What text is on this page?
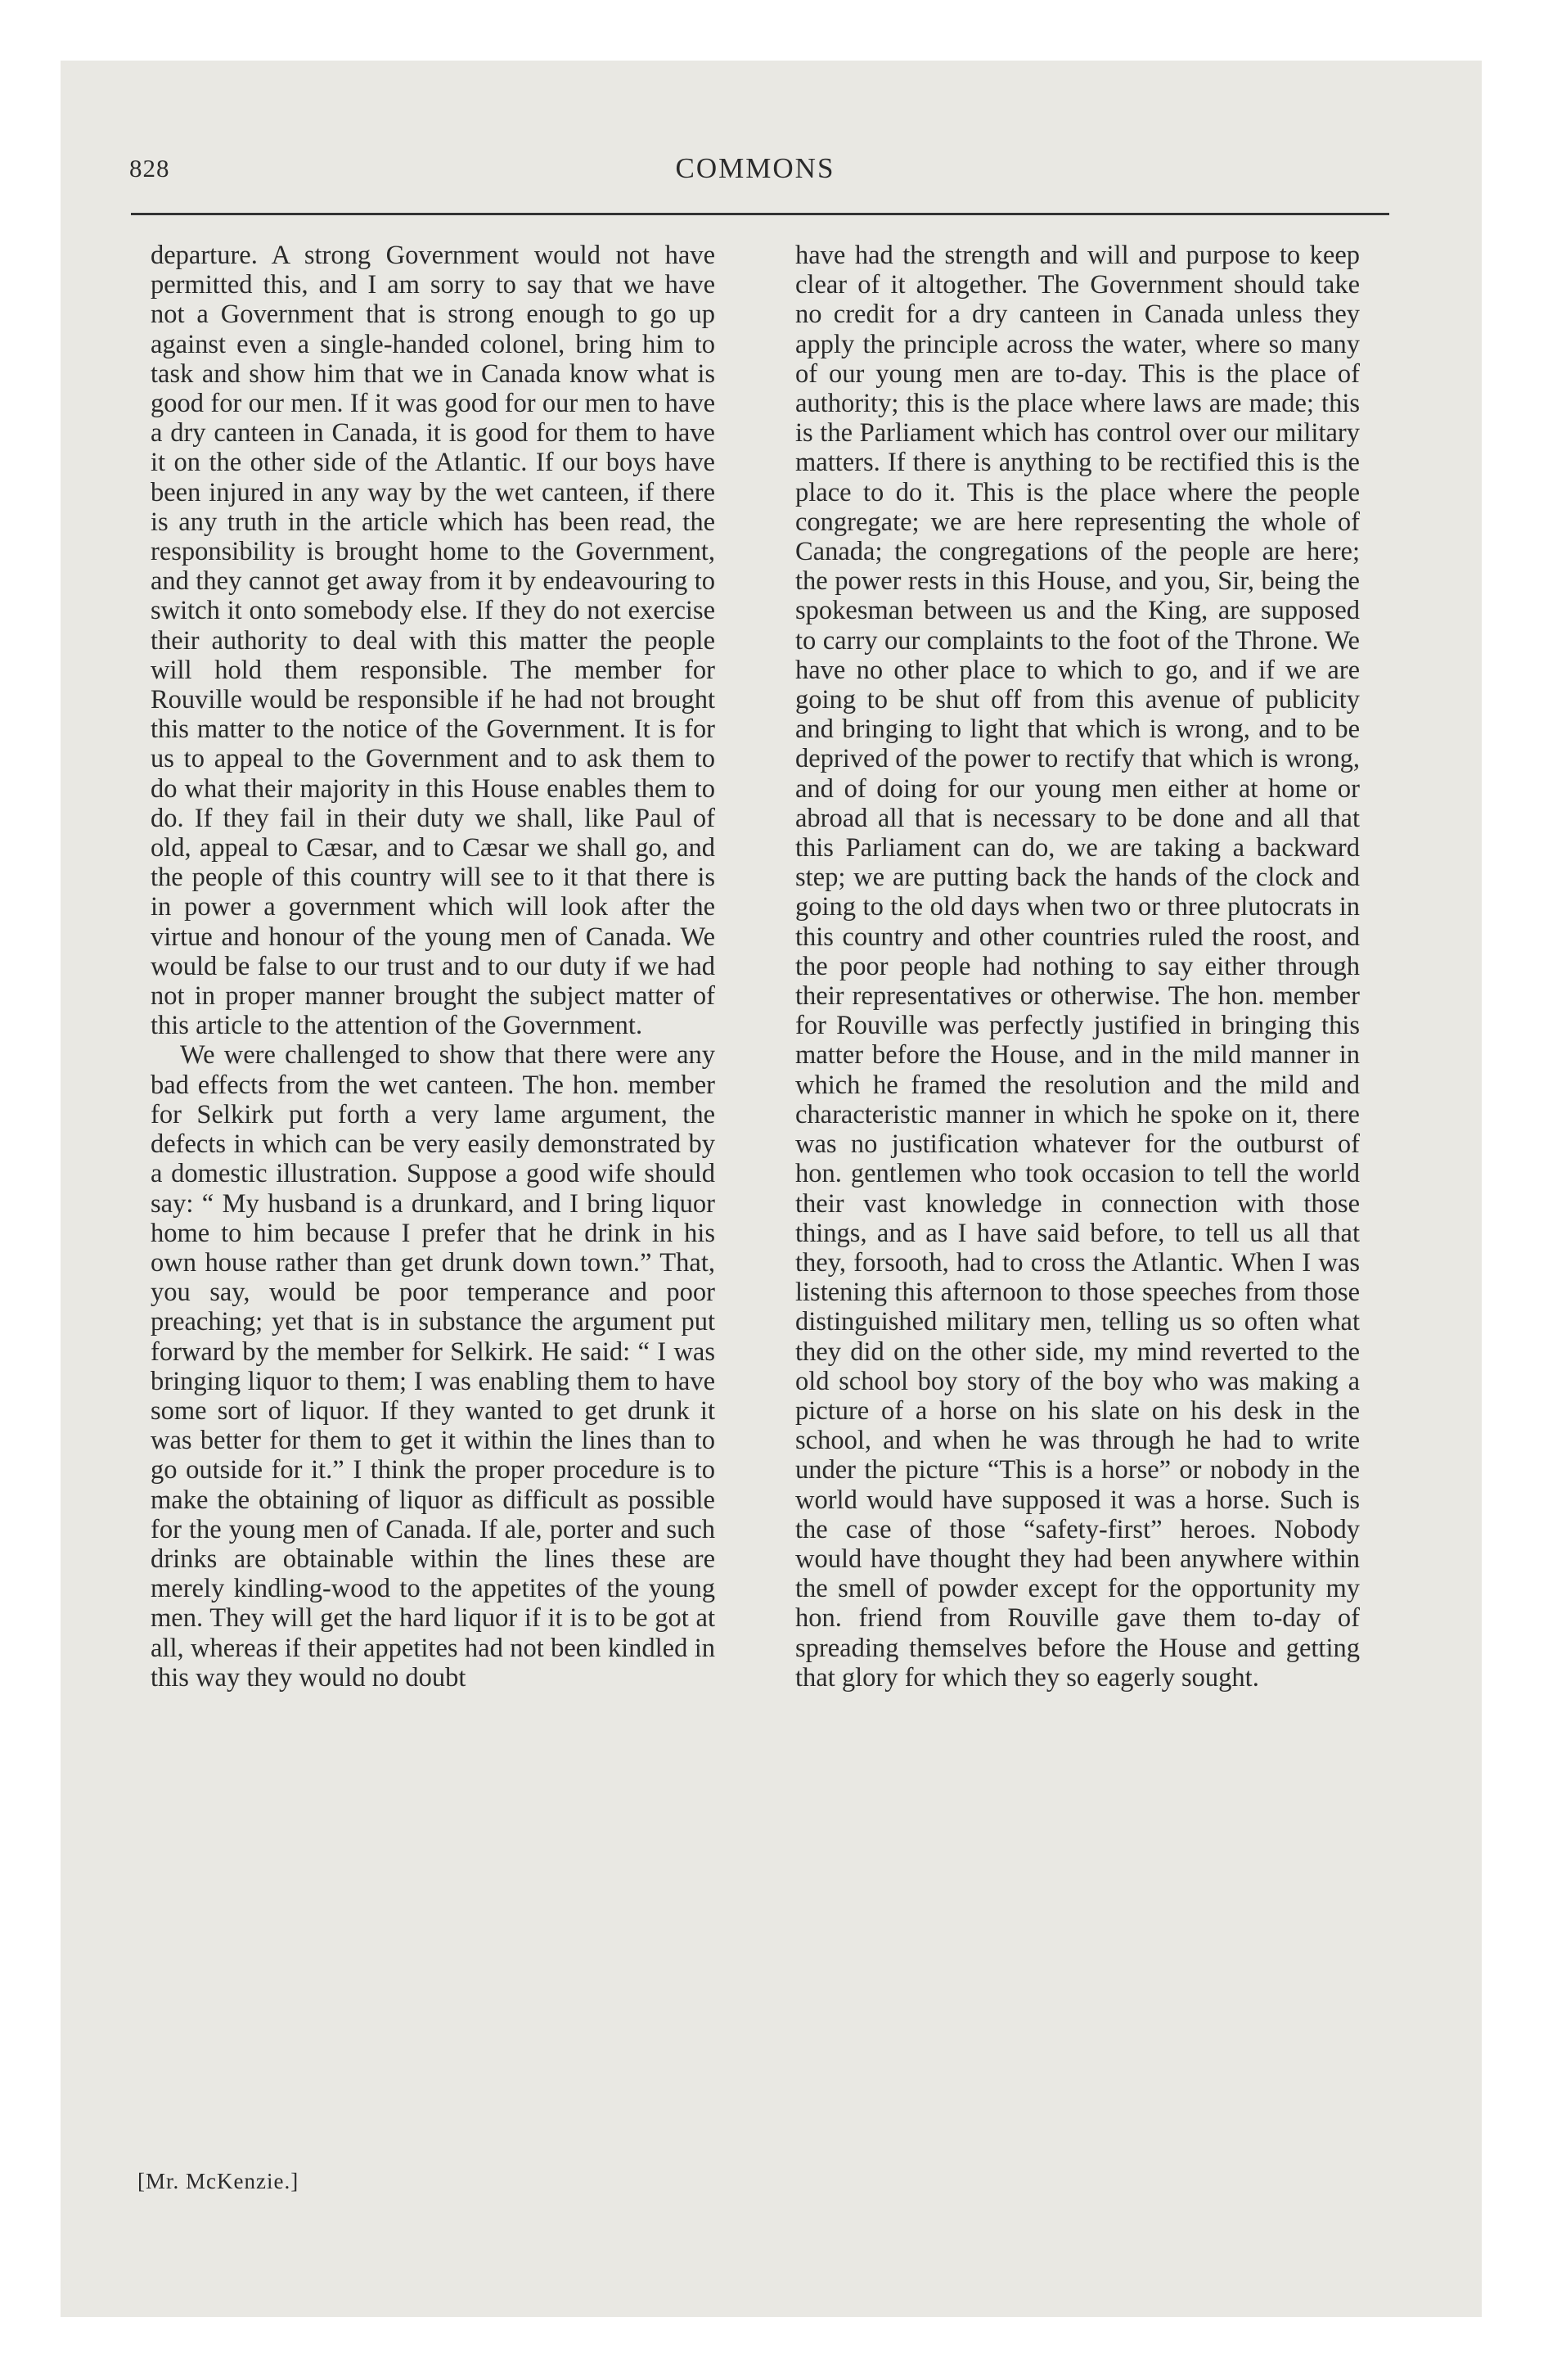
828	COMMONS

departure. A strong Government would not have permitted this, and I am sorry to say that we have not a Government that is strong enough to go up against even a single-handed colonel, bring him to task and show him that we in Canada know what is good for our men. If it was good for our men to have a dry canteen in Canada, it is good for them to have it on the other side of the Atlantic. If our boys have been injured in any way by the wet canteen, if there is any truth in the article which has been read, the responsibility is brought home to the Government, and they cannot get away from it by endeavouring to switch it onto somebody else. If they do not exercise their authority to deal with this matter the people will hold them responsible. The member for Rouville would be responsible if he had not brought this matter to the notice of the Government. It is for us to appeal to the Government and to ask them to do what their majority in this House enables them to do. If they fail in their duty we shall, like Paul of old, appeal to Cæsar, and to Cæsar we shall go, and the people of this country will see to it that there is in power a government which will look after the virtue and honour of the young men of Canada. We would be false to our trust and to our duty if we had not in proper manner brought the subject matter of this article to the attention of the Government.

We were challenged to show that there were any bad effects from the wet canteen. The hon. member for Selkirk put forth a very lame argument, the defects in which can be very easily demonstrated by a domestic illustration. Suppose a good wife should say: “ My husband is a drunkard, and I bring liquor home to him because I prefer that he drink in his own house rather than get drunk down town.” That, you say, would be poor temperance and poor preaching; yet that is in substance the argument put forward by the member for Selkirk. He said: “ I was bringing liquor to them; I was enabling them to have some sort of liquor. If they wanted to get drunk it was better for them to get it within the lines than to go outside for it.” I think the proper procedure is to make the obtaining of liquor as difficult as possible for the young men of Canada. If ale, porter and such drinks are obtainable within the lines these are merely kindling-wood to the appetites of the young men. They will get the hard liquor if it is to be got at all, whereas if their appetites had not been kindled in this way they would no doubt

have had the strength and will and purpose to keep clear of it altogether. The Government should take no credit for a dry canteen in Canada unless they apply the principle across the water, where so many of our young men are to-day. This is the place of authority; this is the place where laws are made; this is the Parliament which has control over our military matters. If there is anything to be rectified this is the place to do it. This is the place where the people congregate; we are here representing the whole of Canada; the congregations of the people are here; the power rests in this House, and you, Sir, being the spokesman between us and the King, are supposed to carry our complaints to the foot of the Throne. We have no other place to which to go, and if we are going to be shut off from this avenue of publicity and bringing to light that which is wrong, and to be deprived of the power to rectify that which is wrong, and of doing for our young men either at home or abroad all that is necessary to be done and all that this Parliament can do, we are taking a backward step; we are putting back the hands of the clock and going to the old days when two or three plutocrats in this country and other countries ruled the roost, and the poor people had nothing to say either through their representatives or otherwise. The hon. member for Rouville was perfectly justified in bringing this matter before the House, and in the mild manner in which he framed the resolution and the mild and characteristic manner in which he spoke on it, there was no justification whatever for the outburst of hon. gentlemen who took occasion to tell the world their vast knowledge in connection with those things, and as I have said before, to tell us all that they, forsooth, had to cross the Atlantic. When I was listening this afternoon to those speeches from those distinguished military men, telling us so often what they did on the other side, my mind reverted to the old school boy story of the boy who was making a picture of a horse on his slate on his desk in the school, and when he was through he had to write under the picture “This is a horse” or nobody in the world would have supposed it was a horse. Such is the case of those “safety-first” heroes. Nobody would have thought they had been anywhere within the smell of powder except for the opportunity my hon. friend from Rouville gave them to-day of spreading themselves before the House and getting that glory for which they so eagerly sought.

[Mr. McKenzie.]
